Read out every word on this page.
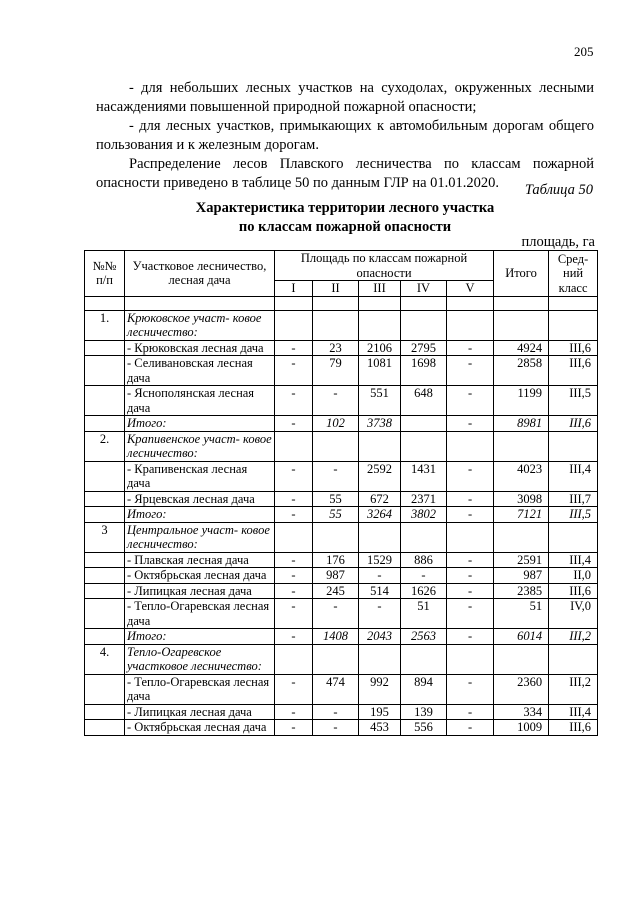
205
- для небольших лесных участков на суходолах, окруженных лесными насаждениями повышенной природной пожарной опасности;
- для лесных участков, примыкающих к автомобильным дорогам общего пользования и к железным дорогам.
Распределение лесов Плавского лесничества по классам пожарной опасности приведено в таблице 50 по данным ГЛР на 01.01.2020.	Таблица 50
Характеристика территории лесного участка
по классам пожарной опасности
площадь, га
№№ п/п	Участковое лесничество, лесная дача	Площадь по классам пожарной опасности					Итого	Сред- ний класс
		I	II	III	IV	V		

1.	Крюковское участ- ковое лесничество:							
	- Крюковская лесная дача	-	23	2106	2795	-	4924	III,6
	- Селивановская лесная дача	-	79	1081	1698	-	2858	III,6
	- Яснополянская лесная дача	-	-	551	648	-	1199	III,5
	Итого:	-	102	3738		-	8981	III,6
2.	Крапивенское участ- ковое лесничество:							
	- Крапивенская лесная дача	-	-	2592	1431	-	4023	III,4
	- Ярцевская лесная дача	-	55	672	2371	-	3098	III,7
	Итого:	-	55	3264	3802	-	7121	III,5
3	Центральное участ- ковое лесничество:							
	- Плавская лесная дача	-	176	1529	886	-	2591	III,4
	- Октябрьская лесная дача	-	987	-	-	-	987	II,0
	- Липицкая лесная дача	-	245	514	1626	-	2385	III,6
	- Тепло-Огаревская лесная дача	-	-	-	51	-	51	IV,0
	Итого:	-	1408	2043	2563	-	6014	III,2
4.	Тепло-Огаревское участковое лесничество:							
	- Тепло-Огаревская лесная дача	-	474	992	894	-	2360	III,2
	- Липицкая лесная дача	-	-	195	139	-	334	III,4
	- Октябрьская лесная дача	-	-	453	556	-	1009	III,6
